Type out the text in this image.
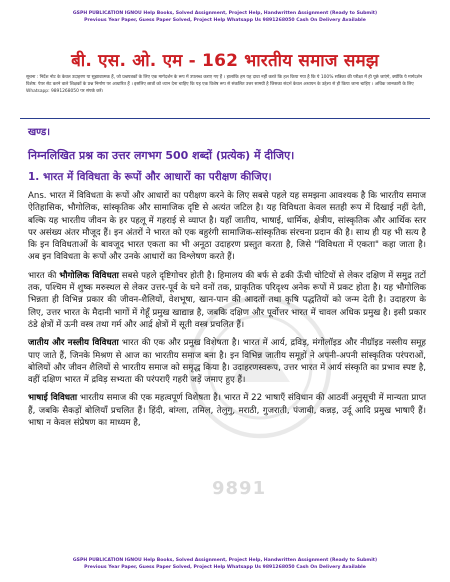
GSPH PUBLICATION IGNOU Help Books, Solved Assignment, Project Help, Handwritten Assignment (Ready to Submit)
Previous Year Paper, Guess Paper Solved, Project Help Whatsapp Us 9891268050 Cash On Delivery Available
बी. एस. ओ. एम - 162 भारतीय समाज समझ
सूचना : निर्देश नोट के केवल उदाहरण या सुझावात्मक हैं, जो प्रश्नपत्रकों के लिए एक मार्गदर्शन के रूप में उपलब्ध कराए गए हैं । हालांकि हम यह दावा नहीं करते कि हल किया गया है कि ये 100% सत्रिका की परीक्षा में ही पूछे जाएंगे, क्योंकि ये मार्गदर्शन विशेष: पेपर सेट करने वाले शिक्षकों के प्रश्न निर्माण पर आधारित हैं । इसलिए छात्रों को ध्यान देना चाहिए कि यह एक विशेष रूप से संकलित उत्तर सामग्री है जिसका संदर्भ केवल अध्ययन के उद्देश्य से ही किया जाना चाहिए । अधिक जानकारी के लिए Whatsapp: 9891268050 पर संपर्क करें।
खण्ड।
निम्नलिखित प्रश्न का उत्तर लगभग 500 शब्दों (प्रत्येक) में दीजिए।
1. भारत में विविधता के रूपों और आधारों का परीक्षण कीजिए।

Ans. भारत में विविधता के रूपों और आधारों का परीक्षण करने के लिए सबसे पहले यह समझना आवश्यक है कि भारतीय समाज ऐतिहासिक, भौगोलिक, सांस्कृतिक और सामाजिक दृष्टि से अत्यंत जटिल है। यह विविधता केवल सतही रूप में दिखाई नहीं देती, बल्कि यह भारतीय जीवन के हर पहलू में गहराई से व्याप्त है। यहाँ जातीय, भाषाई, धार्मिक, क्षेत्रीय, सांस्कृतिक और आर्थिक स्तर पर असंख्य अंतर मौजूद हैं। इन अंतरों ने भारत को एक बहुरंगी सामाजिक-सांस्कृतिक संरचना प्रदान की है। साथ ही यह भी सत्य है कि इन विविधताओं के बावजूद भारत एकता का भी अनूठा उदाहरण प्रस्तुत करता है, जिसे "विविधता में एकता" कहा जाता है। अब इन विविधता के रूपों और उनके आधारों का विश्लेषण करते हैं।

भारत की भौगोलिक विविधता सबसे पहले दृष्टिगोचर होती है। हिमालय की बर्फ से ढकी ऊँची चोटियों से लेकर दक्षिण में समुद्र तटों तक, पश्चिम में शुष्क मरुस्थल से लेकर उत्तर-पूर्व के घने वनों तक, प्राकृतिक परिदृश्य अनेक रूपों में प्रकट होता है। यह भौगोलिक भिन्नता ही विभिन्न प्रकार की जीवन-शैलियों, वेशभूषा, खान-पान की आदतों तथा कृषि पद्धतियों को जन्म देती है। उदाहरण के लिए, उत्तर भारत के मैदानी भागों में गेहूँ प्रमुख खाद्यान्न है, जबकि दक्षिण और पूर्वोत्तर भारत में चावल अधिक प्रमुख है। इसी प्रकार ठंडे क्षेत्रों में ऊनी वस्त्र तथा गर्म और आर्द्र क्षेत्रों में सूती वस्त्र प्रचलित हैं।

जातीय और नस्लीय विविधता भारत की एक और प्रमुख विशेषता है। भारत में आर्य, द्रविड़, मंगोलॉइड और नीग्रॉइड नस्लीय समूह पाए जाते हैं, जिनके मिश्रण से आज का भारतीय समाज बना है। इन विभिन्न जातीय समूहों ने अपनी-अपनी सांस्कृतिक परंपराओं, बोलियों और जीवन शैलियों से भारतीय समाज को समृद्ध किया है। उदाहरणस्वरूप, उत्तर भारत में आर्य संस्कृति का प्रभाव स्पष्ट है, वहीं दक्षिण भारत में द्रविड़ सभ्यता की परंपराएँ गहरी जड़ें जमाए हुए हैं।

भाषाई विविधता भारतीय समाज की एक महत्वपूर्ण विशेषता है। भारत में 22 भाषाएँ संविधान की आठवीं अनुसूची में मान्यता प्राप्त हैं, जबकि सैकड़ों बोलियाँ प्रचलित हैं। हिंदी, बांग्ला, तमिल, तेलुगु, मराठी, गुजराती, पंजाबी, कन्नड़, उर्दू आदि प्रमुख भाषाएँ हैं। भाषा न केवल संप्रेषण का माध्यम है,

9891
GSPH PUBLICATION IGNOU Help Books, Solved Assignment, Project Help, Handwritten Assignment (Ready to Submit)
Previous Year Paper, Guess Paper Solved, Project Help Whatsapp Us 9891268050 Cash On Delivery Available
